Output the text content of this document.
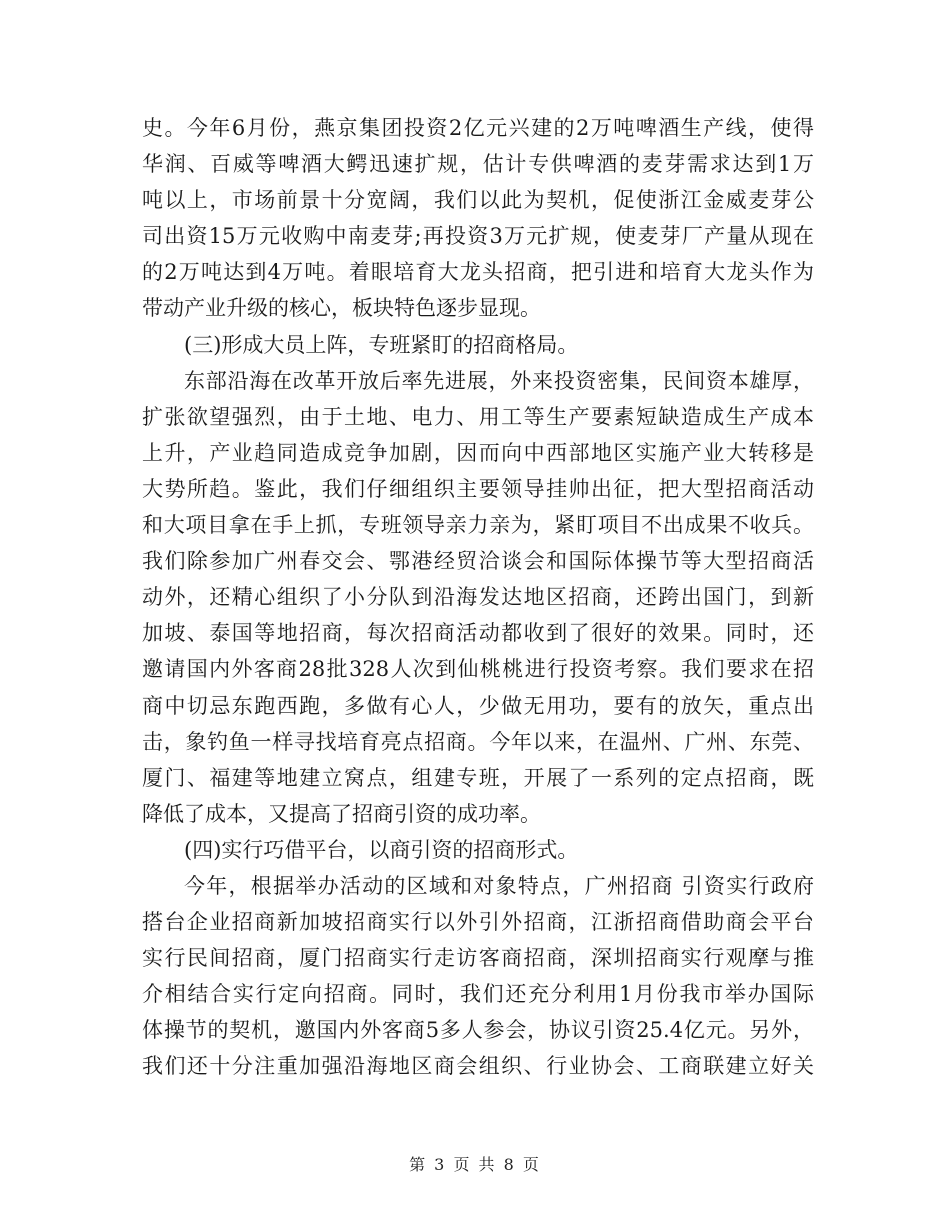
史。今年6月份，燕京集团投资2亿元兴建的2万吨啤酒生产线，使得
华润、百威等啤酒大鳄迅速扩规，估计专供啤酒的麦芽需求达到1万
吨以上，市场前景十分宽阔，我们以此为契机，促使浙江金威麦芽公
司出资15万元收购中南麦芽;再投资3万元扩规，使麦芽厂产量从现在
的2万吨达到4万吨。着眼培育大龙头招商，把引进和培育大龙头作为
带动产业升级的核心，板块特色逐步显现。
(三)形成大员上阵，专班紧盯的招商格局。
东部沿海在改革开放后率先进展，外来投资密集，民间资本雄厚，
扩张欲望强烈，由于土地、电力、用工等生产要素短缺造成生产成本
上升，产业趋同造成竞争加剧，因而向中西部地区实施产业大转移是
大势所趋。鉴此，我们仔细组织主要领导挂帅出征，把大型招商活动
和大项目拿在手上抓，专班领导亲力亲为，紧盯项目不出成果不收兵。
我们除参加广州春交会、鄂港经贸洽谈会和国际体操节等大型招商活
动外，还精心组织了小分队到沿海发达地区招商，还跨出国门，到新
加坡、泰国等地招商，每次招商活动都收到了很好的效果。同时，还
邀请国内外客商28批328人次到仙桃桃进行投资考察。我们要求在招
商中切忌东跑西跑，多做有心人，少做无用功，要有的放矢，重点出
击，象钓鱼一样寻找培育亮点招商。今年以来，在温州、广州、东莞、
厦门、福建等地建立窝点，组建专班，开展了一系列的定点招商，既
降低了成本，又提高了招商引资的成功率。
(四)实行巧借平台，以商引资的招商形式。
今年，根据举办活动的区域和对象特点，广州招商 引资实行政府
搭台企业招商新加坡招商实行以外引外招商，江浙招商借助商会平台
实行民间招商，厦门招商实行走访客商招商，深圳招商实行观摩与推
介相结合实行定向招商。同时，我们还充分利用1月份我市举办国际
体操节的契机，邀国内外客商5多人参会，协议引资25.4亿元。另外，
我们还十分注重加强沿海地区商会组织、行业协会、工商联建立好关
第 3 页 共 8 页
